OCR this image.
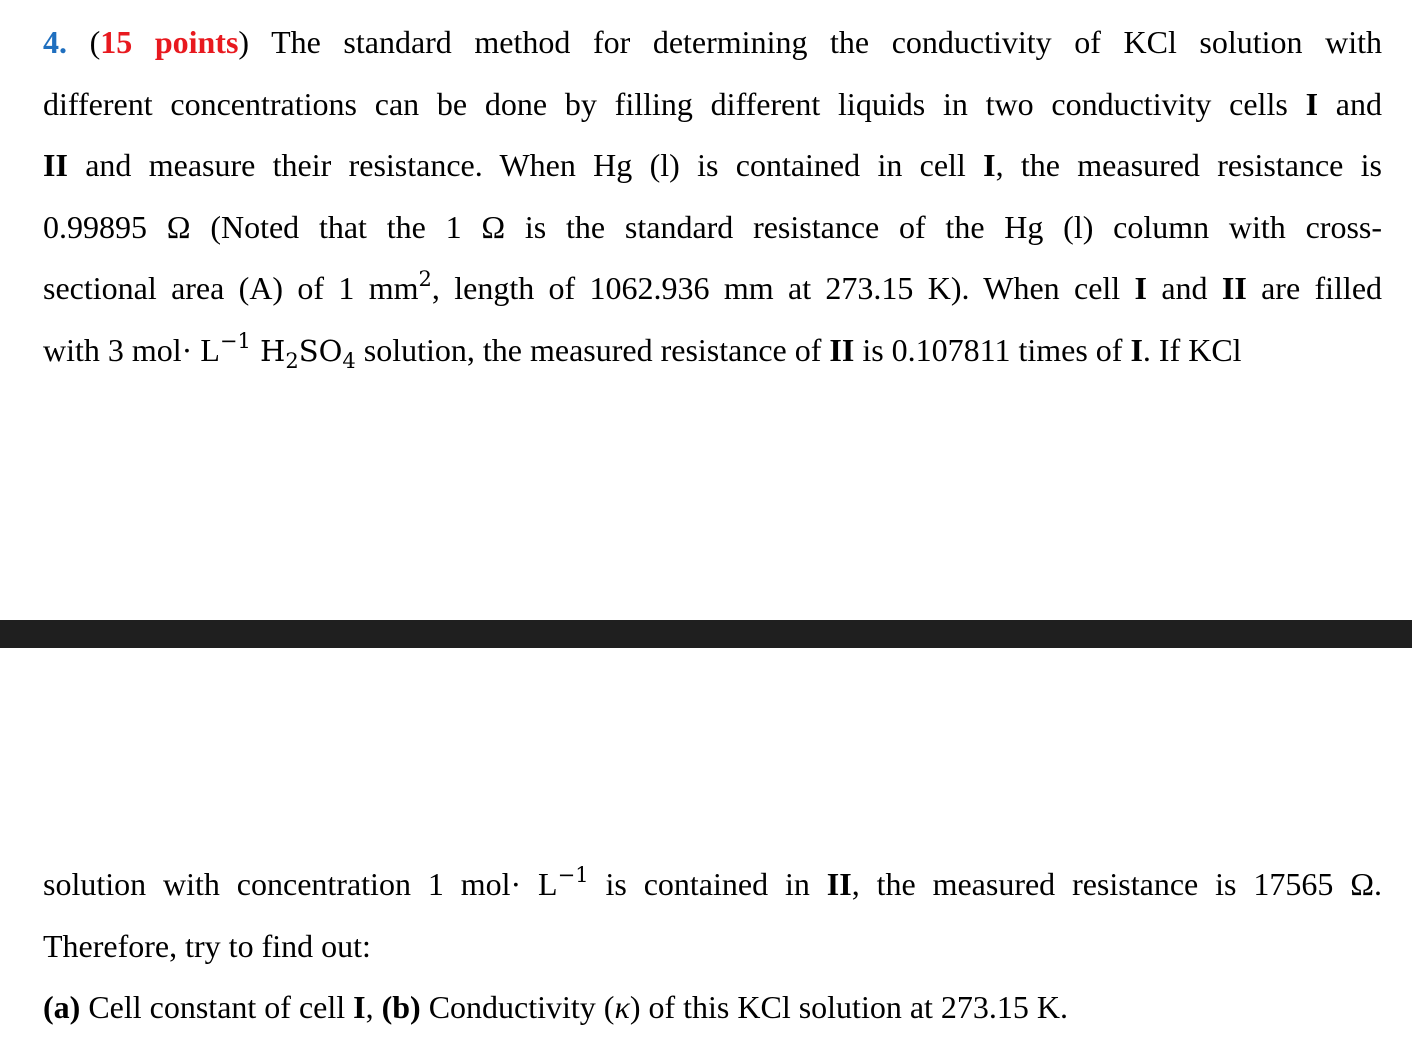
4. (15 points) The standard method for determining the conductivity of KCl solution with
different concentrations can be done by filling different liquids in two conductivity cells I and
II and measure their resistance. When Hg (l) is contained in cell I, the measured resistance is
0.99895 Ω (Noted that the 1 Ω is the standard resistance of the Hg (l) column with cross-
sectional area (A) of 1 $mm^2$, length of 1062.936 mm at 273.15 K). When cell I and II are filled
with 3 $mol\cdot L^{-1}$ $H_2SO_4$ solution, the measured resistance of II is 0.107811 times of I. If KCl
solution with concentration 1 $mol\cdot L^{-1}$ is contained in II, the measured resistance is 17565 Ω.
Therefore, try to find out:
(a) Cell constant of cell I, (b) Conductivity (κ) of this KCl solution at 273.15 K.
